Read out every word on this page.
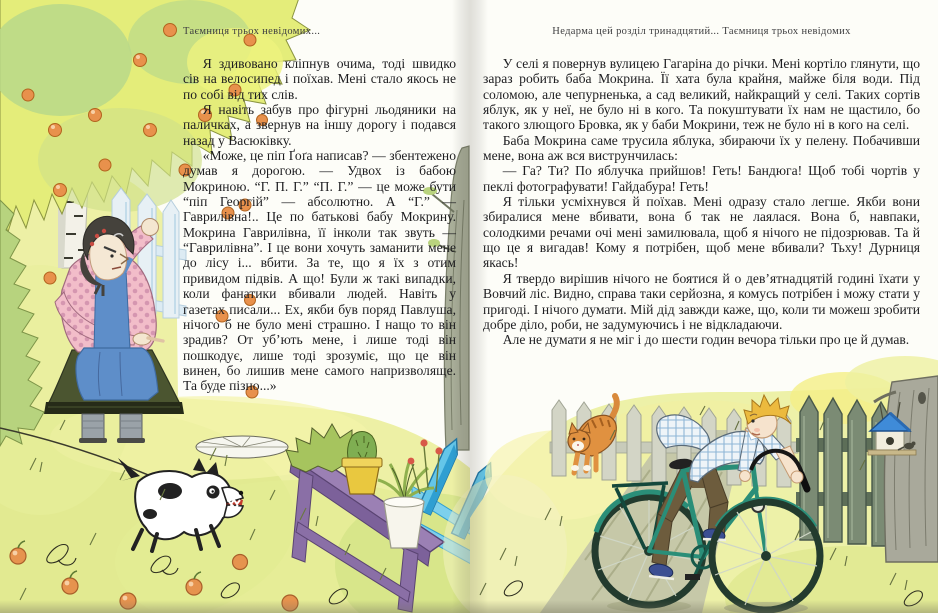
Таємниця трьох невідомих...	Недарма цей розділ тринадцятий... Таємниця трьох невідомих

Я здивовано кліпнув очима, тоді швидко сів на велосипед і поїхав. Мені стало якось не по собі від тих слів.

Я навіть забув про фігурні льодяники на паличках, а звернув на іншу дорогу і подався назад у Васюківку.

«Може, це піп Ґоґа написав? — збентежено думав я дорогою. — Удвох із бабою Мокриною. “Г. П. Г.” “П. Г.” — це може бути “піп Георгій” — абсолютно. А “Г.” — Гаврилівна!.. Це по батькові бабу Мокрину. Мокрина Гаврилівна, її інколи так звуть — “Гаврилівна”. І це вони хочуть заманити мене до лісу і... вбити. За те, що я їх з отим привидом підвів. А що! Були ж такі випадки, коли фанатики вбивали людей. Навіть у газетах писали... Ех, якби був поряд Павлуша, нічого б не було мені страшно. І нащо то він зрадив? От уб’ють мене, і лише тоді він пошкодує, лише тоді зрозуміє, що це він винен, бо лишив мене самого напризволяще. Та буде пізно...»

У селі я повернув вулицею Гагаріна до річки. Мені кортіло глянути, що зараз робить баба Мокрина. Її хата була крайня, майже біля води. Під соломою, але чепурненька, а сад великий, найкращий у селі. Таких сортів яблук, як у неї, не було ні в кого. Та покуштувати їх нам не щастило, бо такого злющого Бровка, як у баби Мокрини, теж не було ні в кого на селі.

Баба Мокрина саме трусила яблука, збираючи їх у пелену. Побачивши мене, вона аж вся виструнчилась:

— Га? Ти? По яблучка прийшов! Геть! Бандюга! Щоб тобі чортів у пеклі фотографувати! Гайдабура! Геть!

Я тільки усміхнувся й поїхав. Мені одразу стало легше. Якби вони збиралися мене вбивати, вона б так не лаялася. Вона б, навпаки, солодкими речами очі мені замилювала, щоб я нічого не підозрював. Та й що це я вигадав! Кому я потрібен, щоб мене вбивали? Тьху! Дурниця якась!

Я твердо вирішив нічого не боятися й о дев’ятнадцятій годині їхати у Вовчий ліс. Видно, справа таки серйозна, я комусь потрібен і можу стати у пригоді. І нічого думати. Мій дід завжди каже, що, коли ти можеш зробити добре діло, роби, не задумуючись і не відкладаючи.

Але не думати я не міг і до шести годин вечора тільки про це й думав.
